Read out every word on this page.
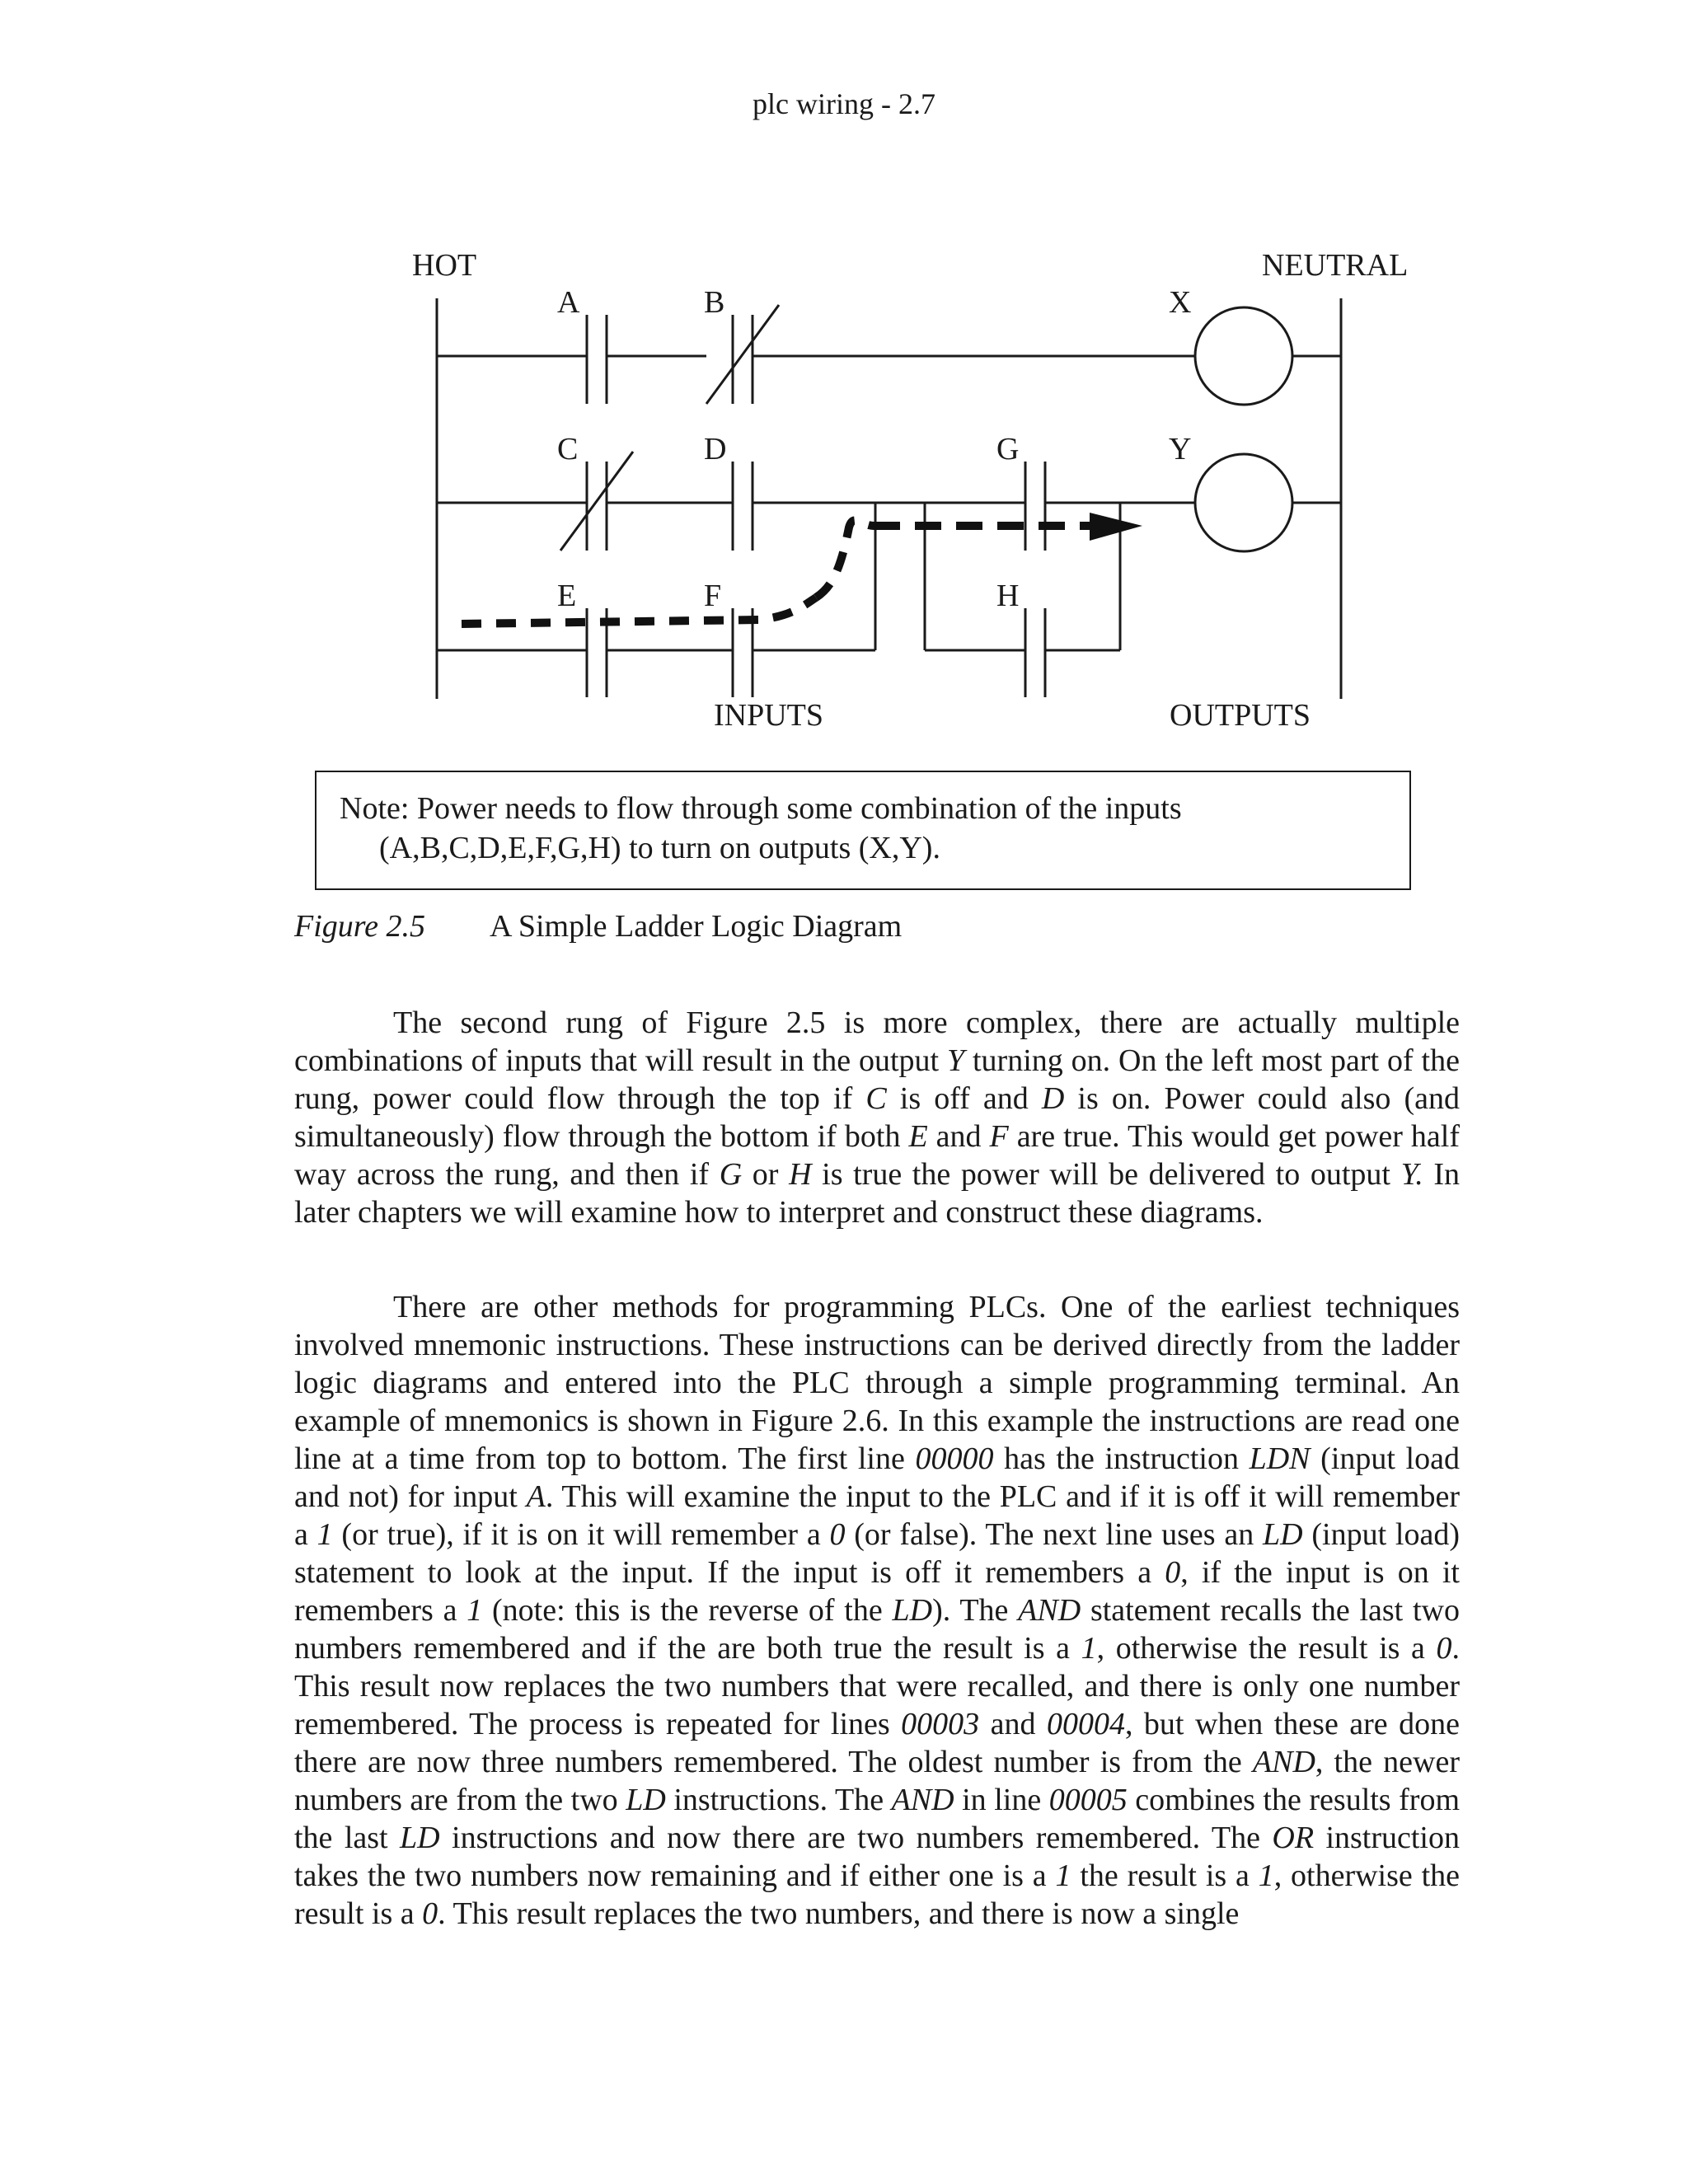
plc wiring - 2.7
HOT	NEUTRAL
A	B
C	D
E	F
G
H
X
Y
INPUTS	OUTPUTS
Note: Power needs to flow through some combination of the inputs

(A,B,C,D,E,F,G,H) to turn on outputs (X,Y).
Figure 2.5 A Simple Ladder Logic Diagram

The second rung of Figure 2.5 is more complex, there are actually multiple combinations of inputs that will result in the output Y turning on. On the left most part of the rung, power could flow through the top if C is off and D is on. Power could also (and simultaneously) flow through the bottom if both E and F are true. This would get power half way across the rung, and then if G or H is true the power will be delivered to output Y. In later chapters we will examine how to interpret and construct these diagrams.

There are other methods for programming PLCs. One of the earliest techniques involved mnemonic instructions. These instructions can be derived directly from the ladder logic diagrams and entered into the PLC through a simple programming terminal. An example of mnemonics is shown in Figure 2.6. In this example the instructions are read one line at a time from top to bottom. The first line 00000 has the instruction LDN (input load and not) for input A. This will examine the input to the PLC and if it is off it will remember a 1 (or true), if it is on it will remember a 0 (or false). The next line uses an LD (input load) statement to look at the input. If the input is off it remembers a 0, if the input is on it remembers a 1 (note: this is the reverse of the LD). The AND statement recalls the last two numbers remembered and if the are both true the result is a 1, otherwise the result is a 0. This result now replaces the two numbers that were recalled, and there is only one number remembered. The process is repeated for lines 00003 and 00004, but when these are done there are now three numbers remembered. The oldest number is from the AND, the newer numbers are from the two LD instructions. The AND in line 00005 combines the results from the last LD instructions and now there are two numbers remembered. The OR instruction takes the two numbers now remaining and if either one is a 1 the result is a 1, otherwise the result is a 0. This result replaces the two numbers, and there is now a single
